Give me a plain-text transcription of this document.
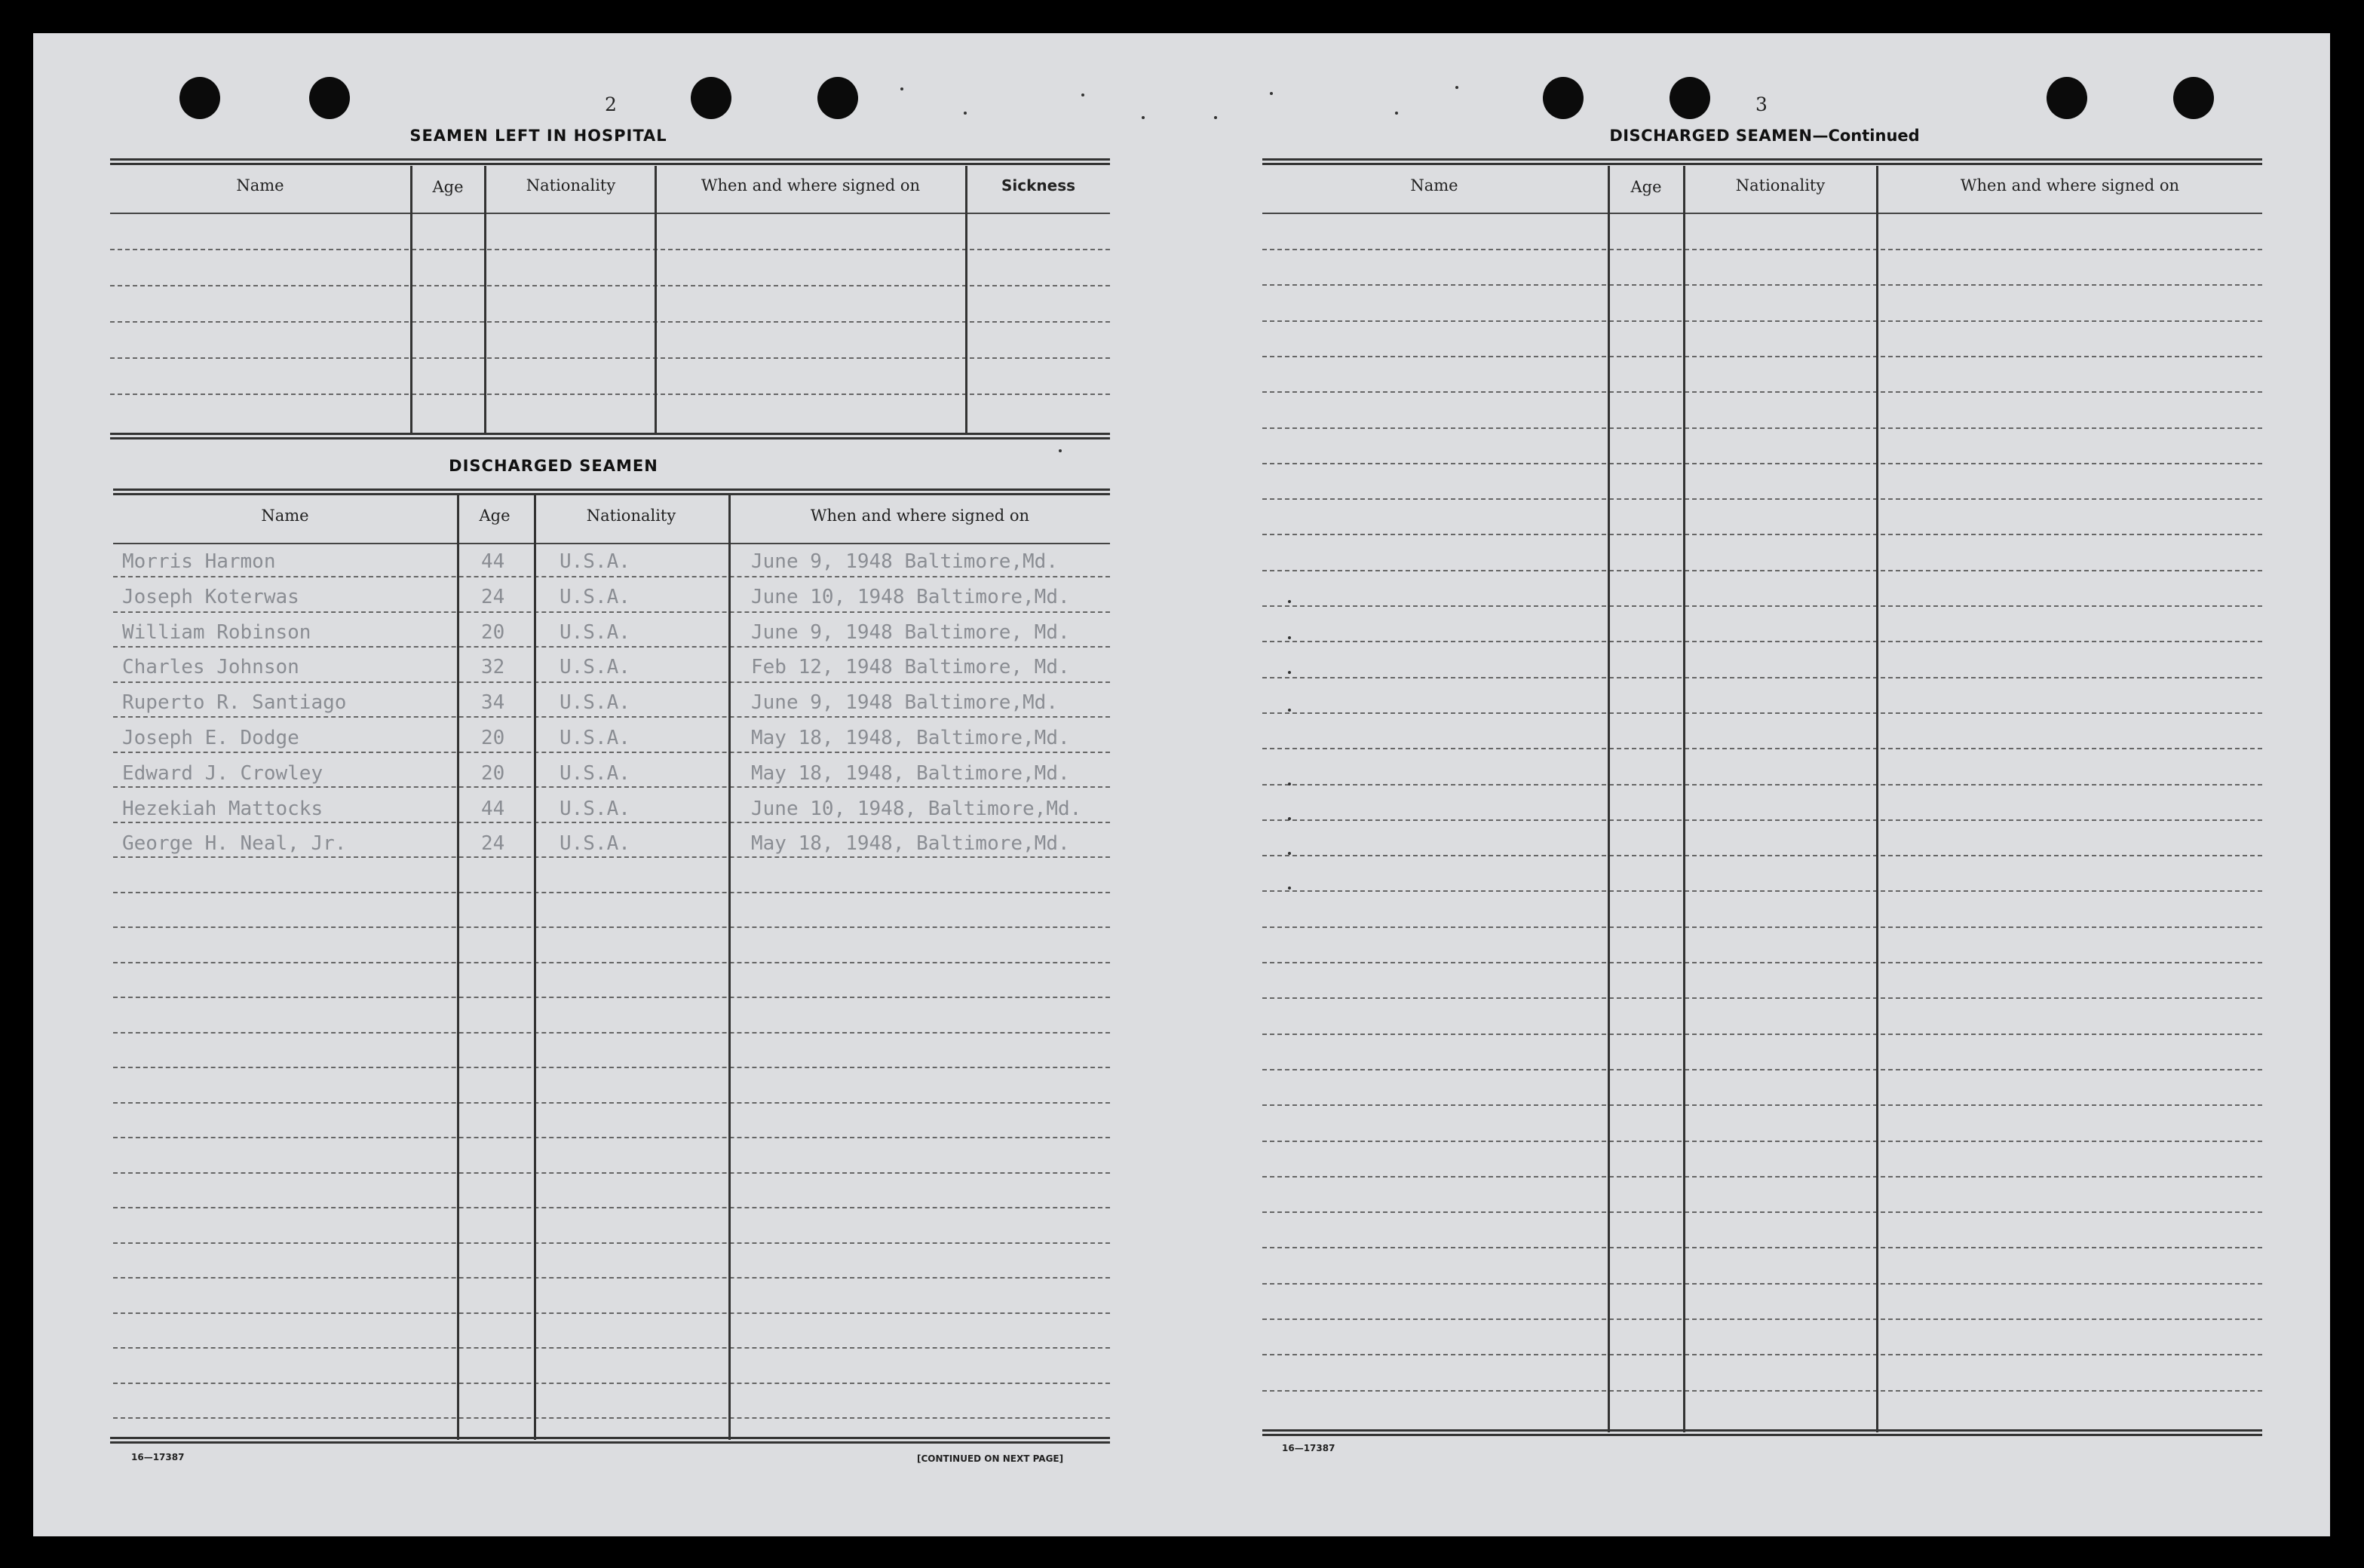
2
SEAMEN LEFT IN HOSPITAL
Name	Age	Nationality	When and where signed on	Sickness
DISCHARGED SEAMEN
Name	Age	Nationality	When and where signed on
Morris Harmon	44	U.S.A.	June 9, 1948 Baltimore,Md.
Joseph Koterwas	24	U.S.A.	June 10, 1948 Baltimore,Md.
William Robinson	20	U.S.A.	June 9, 1948 Baltimore, Md.
Charles Johnson	32	U.S.A.	Feb 12, 1948 Baltimore, Md.
Ruperto R. Santiago	34	U.S.A.	June 9, 1948 Baltimore,Md.
Joseph E. Dodge	20	U.S.A.	May 18, 1948, Baltimore,Md.
Edward J. Crowley	20	U.S.A.	May 18, 1948, Baltimore,Md.
Hezekiah Mattocks	44	U.S.A.	June 10, 1948, Baltimore,Md.
George H. Neal, Jr.	24	U.S.A.	May 18, 1948, Baltimore,Md.
16—17387	[CONTINUED ON NEXT PAGE]
3
DISCHARGED SEAMEN—Continued
Name	Age	Nationality	When and where signed on
16—17387
